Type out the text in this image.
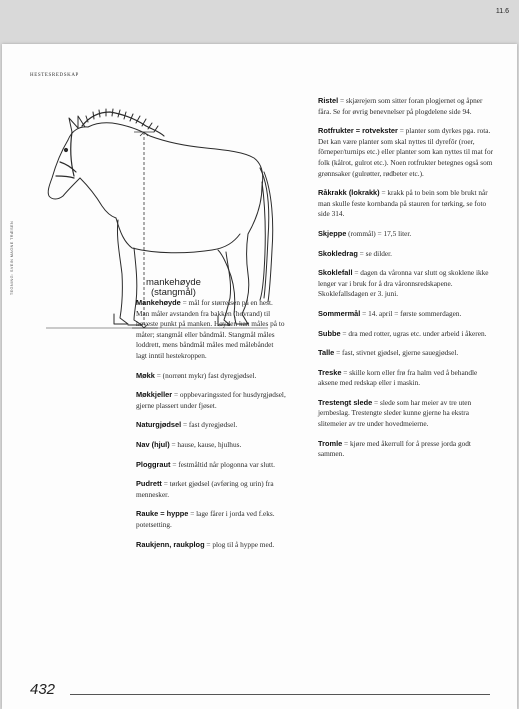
11.6
hestesredskap
TEGNING: SVEIN MAGNE TRÆSEN	mankehøyde
(stangmål)

Mankehøyde = mål for størrelsen på en hest. Man måler avstanden fra bakken (hovrand) til høyeste punkt på manken. Høyden kan måles på to måter; stangmål eller båndmål. Stangmål måles loddrett, mens båndmål måles med målebåndet lagt inntil hestekroppen.

Møkk = (norrønt mykr) fast dyregjødsel.

Møkkjeller = oppbevaringssted for husdyrgjødsel, gjerne plassert under fjøset.

Naturgjødsel = fast dyregjødsel.

Nav (hjul) = hause, kause, hjulhus.

Ploggraut = festmåltid når plogonna var slutt.

Pudrett = tørket gjødsel (avføring og urin) fra mennesker.

Rauke = hyppe = lage fårer i jorda ved f.eks. potetsetting.

Raukjenn, raukplog = plog til å hyppe med.

Ristel = skjærejern som sitter foran plogjernet og åpner fåra. Se for øvrig benevnelser på plogdelene side 94.

Rotfrukter = rotvekster = planter som dyrkes pga. rota. Det kan være planter som skal nyttes til dyrefôr (roer, fôrneper/turnips etc.) eller planter som kan nyttes til mat for folk (kålrot, gulrot etc.). Noen rotfrukter betegnes også som grønnsaker (gulrøtter, rødbeter etc.).

Råkrakk (lokrakk) = krakk på to bein som ble brukt når man skulle feste kornbanda på stauren for tørking, se foto side 314.

Skjeppe (rommål) = 17,5 liter.

Skokledrag = se dilder.

Skoklefall = dagen da våronna var slutt og skoklene ikke lenger var i bruk for å dra våronnsredskapene. Skoklefallsdagen er 3. juni.

Sommermål = 14. april = første sommerdagen.

Subbe = dra med rotter, ugras etc. under arbeid i åkeren.

Talle = fast, stivnet gjødsel, gjerne sauegjødsel.

Treske = skille korn eller frø fra halm ved å behandle aksene med redskap eller i maskin.

Trestengt slede = slede som har meier av tre uten jernbeslag. Trestengte sleder kunne gjerne ha ekstra slitemeier av tre under hovedmeierne.

Tromle = kjøre med åkerrull for å presse jorda godt sammen.

432
